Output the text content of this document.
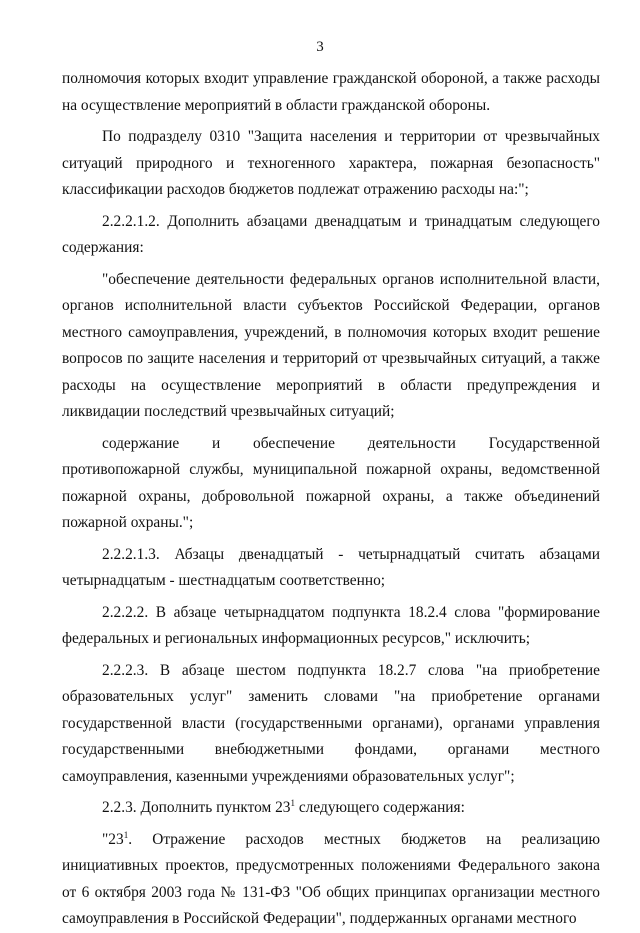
3

полномочия которых входит управление гражданской обороной, а также расходы на осуществление мероприятий в области гражданской обороны.

По подразделу 0310 "Защита населения и территории от чрезвычайных ситуаций природного и техногенного характера, пожарная безопасность" классификации расходов бюджетов подлежат отражению расходы на:";

2.2.2.1.2. Дополнить абзацами двенадцатым и тринадцатым следующего содержания:

"обеспечение деятельности федеральных органов исполнительной власти, органов исполнительной власти субъектов Российской Федерации, органов местного самоуправления, учреждений, в полномочия которых входит решение вопросов по защите населения и территорий от чрезвычайных ситуаций, а также расходы на осуществление мероприятий в области предупреждения и ликвидации последствий чрезвычайных ситуаций;

содержание и обеспечение деятельности Государственной противопожарной службы, муниципальной пожарной охраны, ведомственной пожарной охраны, добровольной пожарной охраны, а также объединений пожарной охраны.";

2.2.2.1.3. Абзацы двенадцатый - четырнадцатый считать абзацами четырнадцатым - шестнадцатым соответственно;

2.2.2.2. В абзаце четырнадцатом подпункта 18.2.4 слова "формирование федеральных и региональных информационных ресурсов," исключить;

2.2.2.3. В абзаце шестом подпункта 18.2.7 слова "на приобретение образовательных услуг" заменить словами "на приобретение органами государственной власти (государственными органами), органами управления государственными внебюджетными фондами, органами местного самоуправления, казенными учреждениями образовательных услуг";

2.2.3. Дополнить пунктом $23^1$ следующего содержания:

"$23^1$. Отражение расходов местных бюджетов на реализацию инициативных проектов, предусмотренных положениями Федерального закона от 6 октября 2003 года № 131-ФЗ "Об общих принципах организации местного самоуправления в Российской Федерации", поддержанных органами местного
